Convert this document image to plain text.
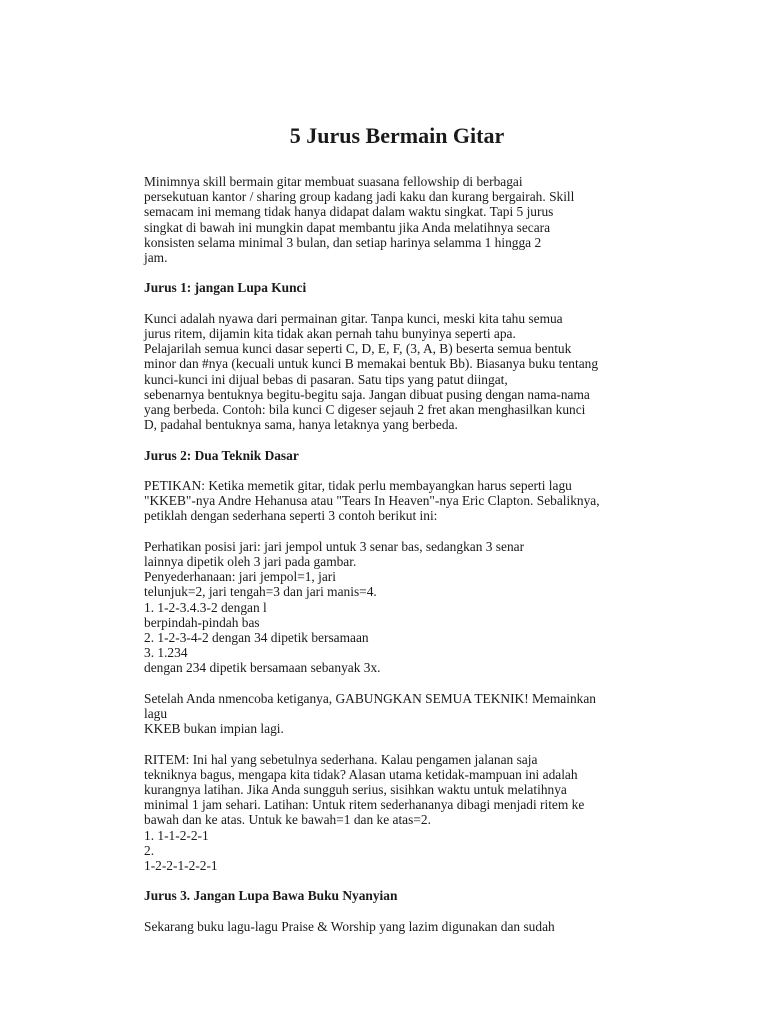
5 Jurus Bermain Gitar

Minimnya skill bermain gitar membuat suasana fellowship di berbagai
persekutuan kantor / sharing group kadang jadi kaku dan kurang bergairah. Skill
semacam ini memang tidak hanya didapat dalam waktu singkat. Tapi 5 jurus
singkat di bawah ini mungkin dapat membantu jika Anda melatihnya secara
konsisten selama minimal 3 bulan, dan setiap harinya selamma 1 hingga 2
jam.

Jurus 1: jangan Lupa Kunci

Kunci adalah nyawa dari permainan gitar. Tanpa kunci, meski kita tahu semua
jurus ritem, dijamin kita tidak akan pernah tahu bunyinya seperti apa.
Pelajarilah semua kunci dasar seperti C, D, E, F, (3, A, B) beserta semua bentuk
minor dan #nya (kecuali untuk kunci B memakai bentuk Bb). Biasanya buku tentang
kunci-kunci ini dijual bebas di pasaran. Satu tips yang patut diingat,
sebenarnya bentuknya begitu-begitu saja. Jangan dibuat pusing dengan nama-nama
yang berbeda. Contoh: bila kunci C digeser sejauh 2 fret akan menghasilkan kunci
D, padahal bentuknya sama, hanya letaknya yang berbeda.

Jurus 2: Dua Teknik Dasar

PETIKAN: Ketika memetik gitar, tidak perlu membayangkan harus seperti lagu
"KKEB"-nya Andre Hehanusa atau "Tears In Heaven"-nya Eric Clapton. Sebaliknya,
petiklah dengan sederhana seperti 3 contoh berikut ini:

Perhatikan posisi jari: jari jempol untuk 3 senar bas, sedangkan 3 senar
lainnya dipetik oleh 3 jari pada gambar.
Penyederhanaan: jari jempol=1, jari
telunjuk=2, jari tengah=3 dan jari manis=4.
1. 1-2-3.4.3-2 dengan l
berpindah-pindah bas
2. 1-2-3-4-2 dengan 34 dipetik bersamaan
3. 1.234
dengan 234 dipetik bersamaan sebanyak 3x.

Setelah Anda nmencoba ketiganya, GABUNGKAN SEMUA TEKNIK! Memainkan
lagu
KKEB bukan impian lagi.

RITEM: Ini hal yang sebetulnya sederhana. Kalau pengamen jalanan saja
tekniknya bagus, mengapa kita tidak? Alasan utama ketidak-mampuan ini adalah
kurangnya latihan. Jika Anda sungguh serius, sisihkan waktu untuk melatihnya
minimal 1 jam sehari. Latihan: Untuk ritem sederhananya dibagi menjadi ritem ke
bawah dan ke atas. Untuk ke bawah=1 dan ke atas=2.
1. 1-1-2-2-1
2.
1-2-2-1-2-2-1

Jurus 3. Jangan Lupa Bawa Buku Nyanyian

Sekarang buku lagu-lagu Praise & Worship yang lazim digunakan dan sudah
